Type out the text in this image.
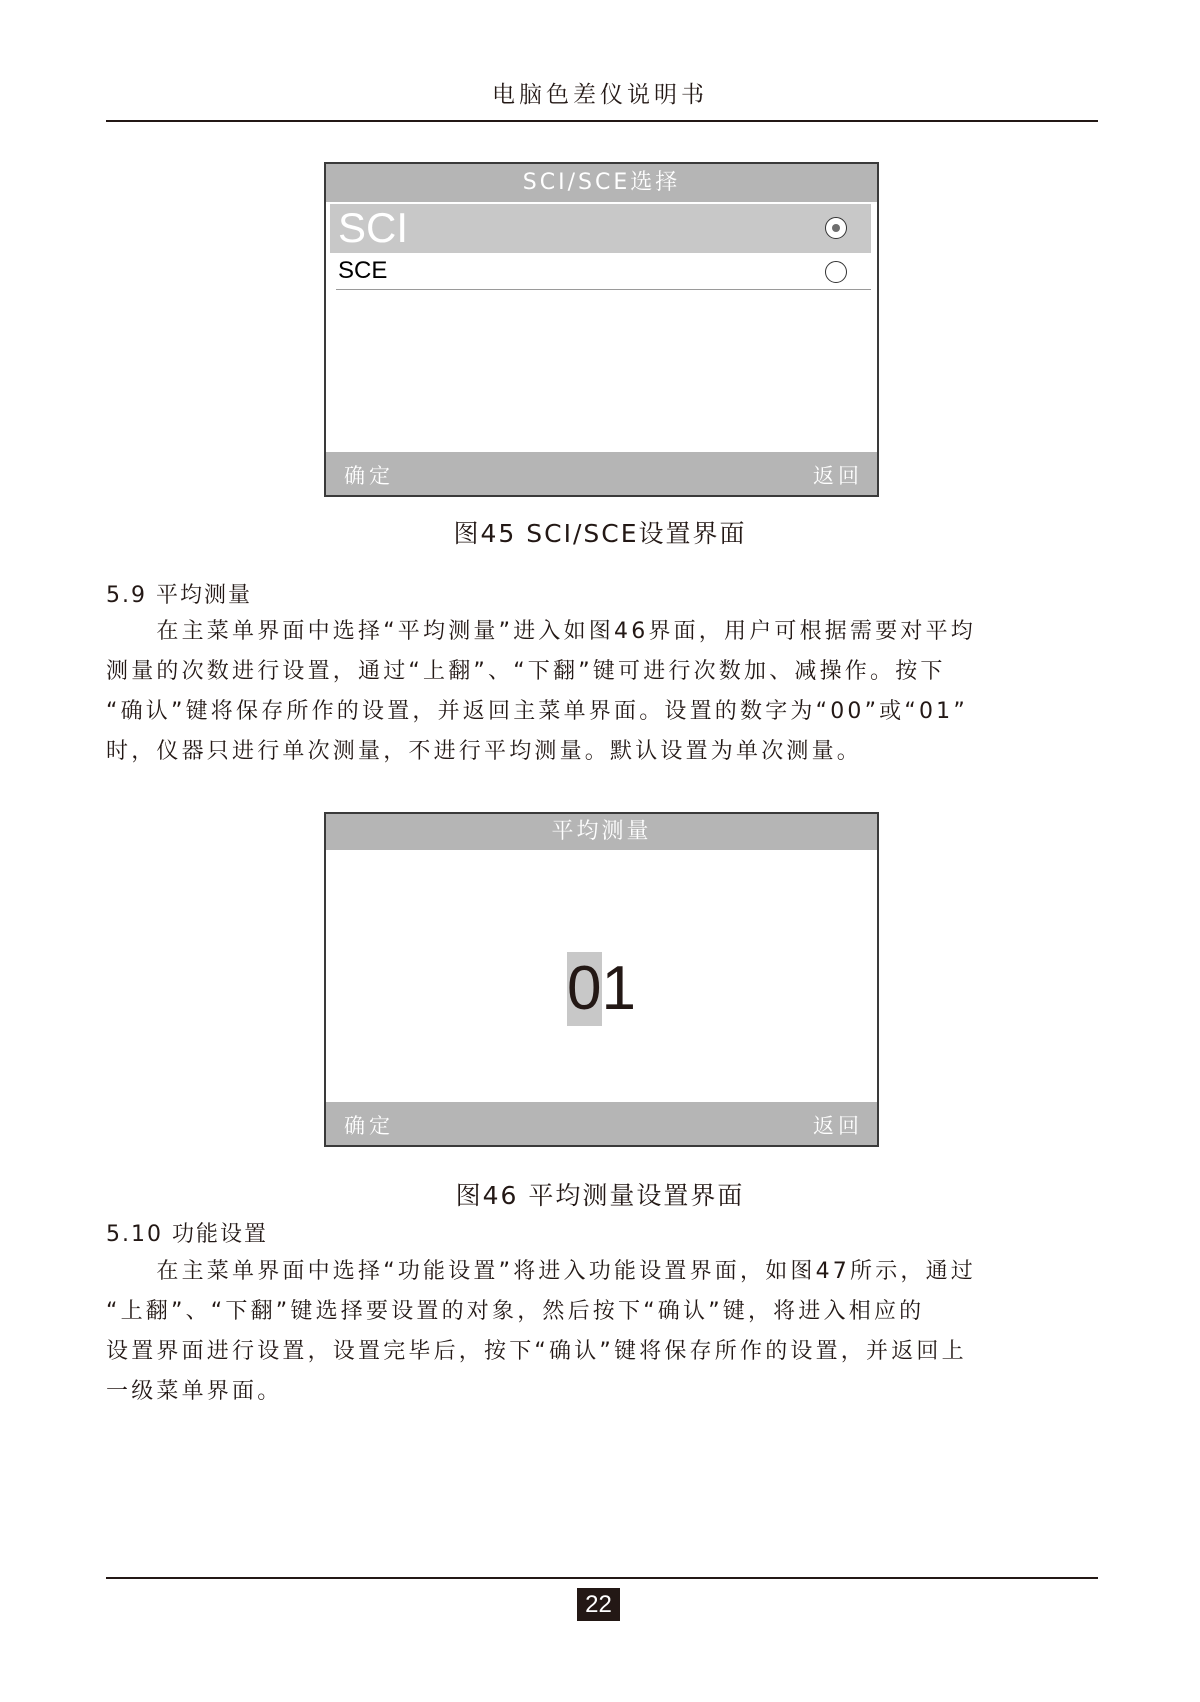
电脑色差仪说明书
SCI/SCE选择
SCI
SCE
确定	返回
图45 SCI/SCE设置界面
5.9 平均测量
　　在主菜单界面中选择“平均测量”进入如图46界面，用户可根据需要对平均
测量的次数进行设置，通过“上翻”、“下翻”键可进行次数加、减操作。按下
“确认”键将保存所作的设置，并返回主菜单界面。设置的数字为“00”或“01”
时，仪器只进行单次测量，不进行平均测量。默认设置为单次测量。
平均测量
01
确定	返回
图46 平均测量设置界面
5.10 功能设置
　　在主菜单界面中选择“功能设置”将进入功能设置界面，如图47所示，通过
“上翻”、“下翻”键选择要设置的对象，然后按下“确认”键，将进入相应的
设置界面进行设置，设置完毕后，按下“确认”键将保存所作的设置，并返回上
一级菜单界面。
22
